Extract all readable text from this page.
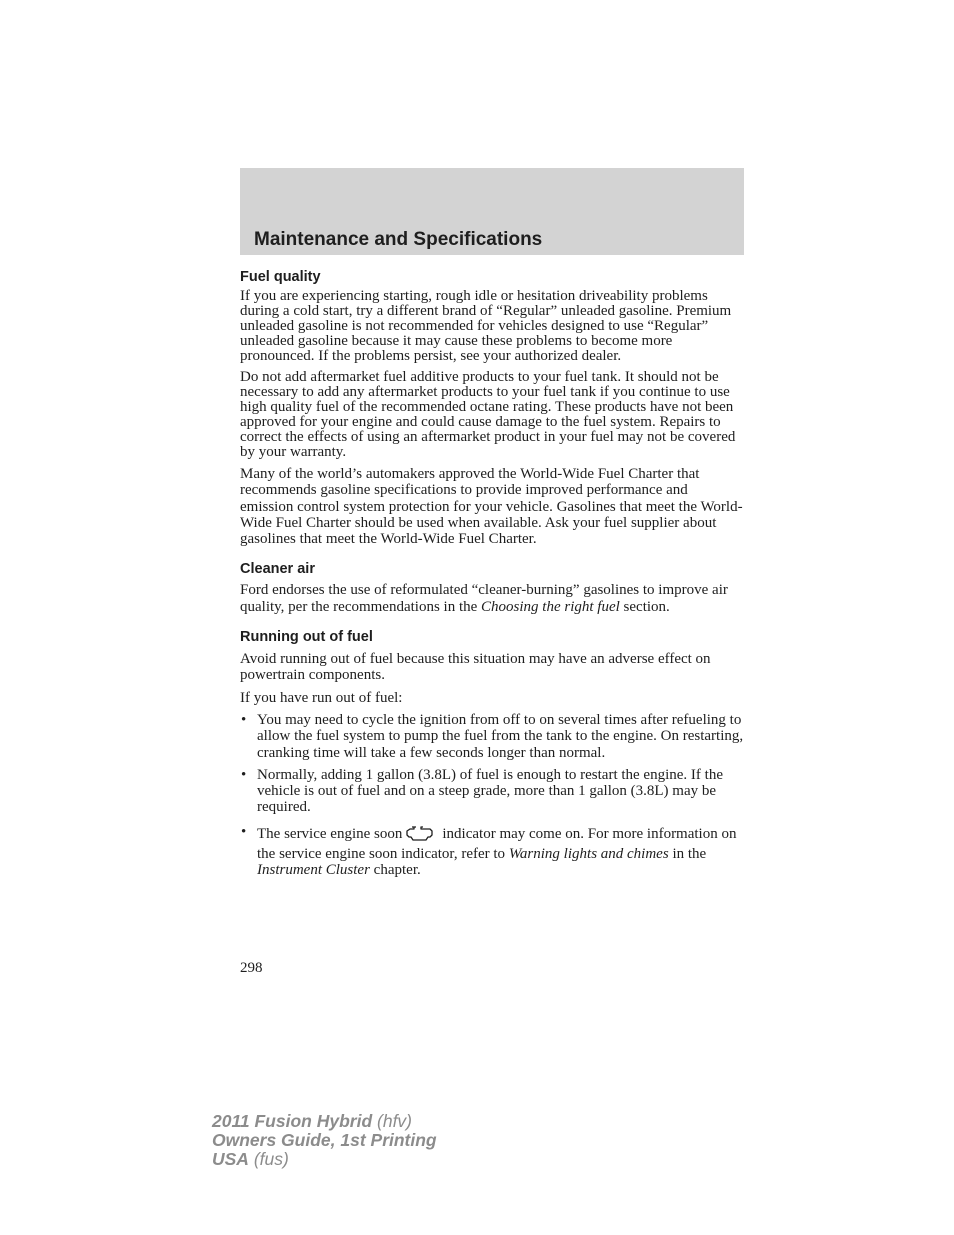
Maintenance and Specifications
Fuel quality

If you are experiencing starting, rough idle or hesitation driveability problems during a cold start, try a different brand of “Regular” unleaded gasoline. Premium unleaded gasoline is not recommended for vehicles designed to use “Regular” unleaded gasoline because it may cause these problems to become more pronounced. If the problems persist, see your authorized dealer.

Do not add aftermarket fuel additive products to your fuel tank. It should not be necessary to add any aftermarket products to your fuel tank if you continue to use high quality fuel of the recommended octane rating. These products have not been approved for your engine and could cause damage to the fuel system. Repairs to correct the effects of using an aftermarket product in your fuel may not be covered by your warranty.

Many of the world’s automakers approved the World-Wide Fuel Charter that recommends gasoline specifications to provide improved performance and emission control system protection for your vehicle. Gasolines that meet the World-Wide Fuel Charter should be used when available. Ask your fuel supplier about gasolines that meet the World-Wide Fuel Charter.

Cleaner air

Ford endorses the use of reformulated “cleaner-burning” gasolines to improve air quality, per the recommendations in the Choosing the right fuel section.

Running out of fuel

Avoid running out of fuel because this situation may have an adverse effect on powertrain components.

If you have run out of fuel:

• You may need to cycle the ignition from off to on several times after refueling to allow the fuel system to pump the fuel from the tank to the engine. On restarting, cranking time will take a few seconds longer than normal.
• Normally, adding 1 gallon (3.8L) of fuel is enough to restart the engine. If the vehicle is out of fuel and on a steep grade, more than 1 gallon (3.8L) may be required.
• The service engine soon	indicator may come on. For more information on the service engine soon indicator, refer to Warning lights and chimes in the Instrument Cluster chapter.
298
2011 Fusion Hybrid (hfv)
Owners Guide, 1st Printing
USA (fus)
